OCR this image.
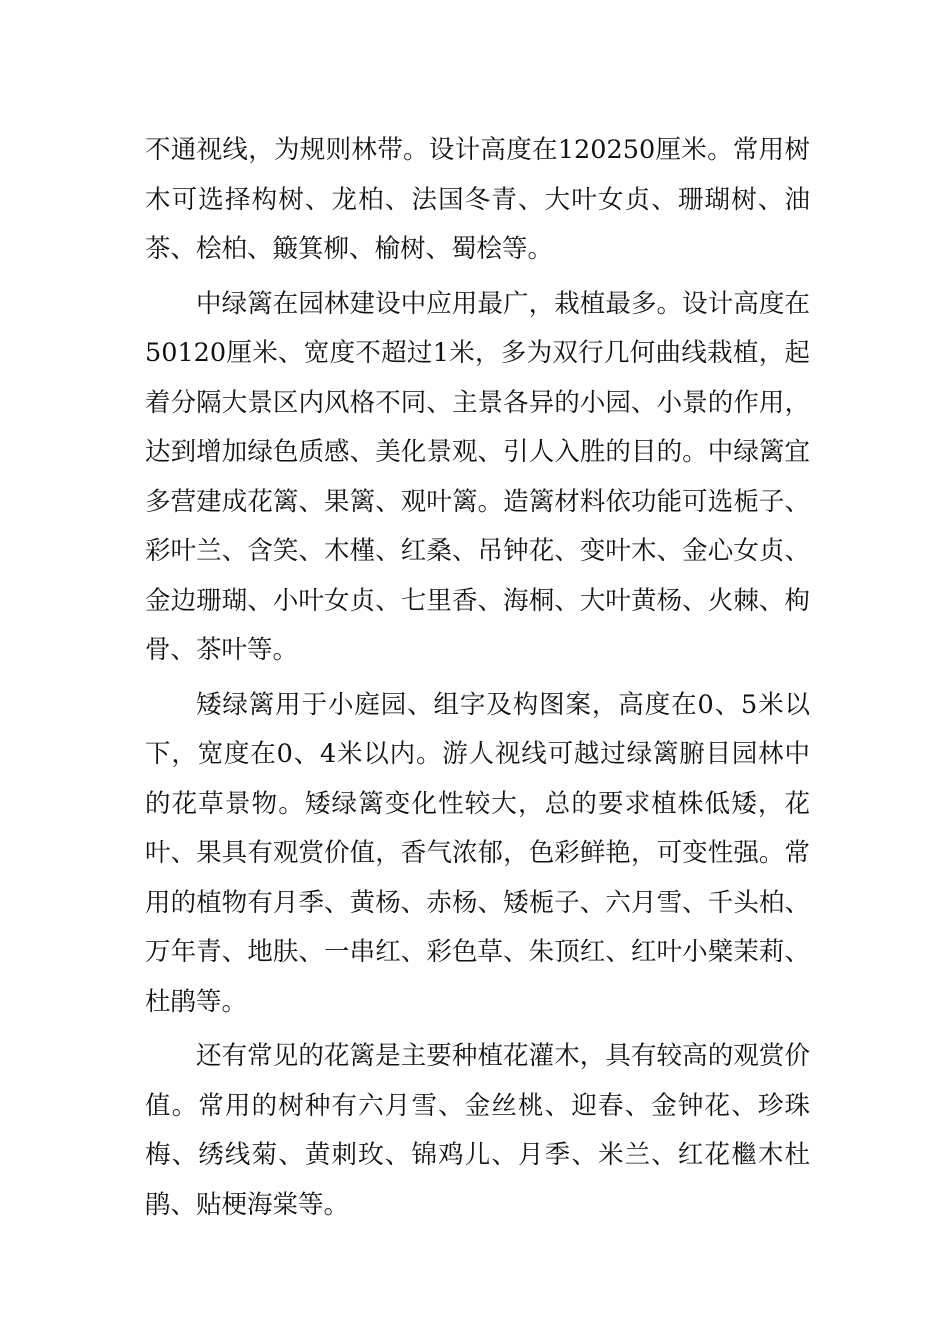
不通视线，为规则林带。设计高度在120250厘米。常用树木可选择构树、龙柏、法国冬青、大叶女贞、珊瑚树、油茶、桧柏、簸箕柳、榆树、蜀桧等。

中绿篱在园林建设中应用最广，栽植最多。设计高度在50120厘米、宽度不超过1米，多为双行几何曲线栽植，起着分隔大景区内风格不同、主景各异的小园、小景的作用，达到增加绿色质感、美化景观、引人入胜的目的。中绿篱宜多营建成花篱、果篱、观叶篱。造篱材料依功能可选栀子、彩叶兰、含笑、木槿、红桑、吊钟花、变叶木、金心女贞、金边珊瑚、小叶女贞、七里香、海桐、大叶黄杨、火棘、枸骨、茶叶等。

矮绿篱用于小庭园、组字及构图案，高度在0、5米以下，宽度在0、4米以内。游人视线可越过绿篱腑目园林中的花草景物。矮绿篱变化性较大，总的要求植株低矮，花叶、果具有观赏价值，香气浓郁，色彩鲜艳，可变性强。常用的植物有月季、黄杨、赤杨、矮栀子、六月雪、千头柏、万年青、地肤、一串红、彩色草、朱顶红、红叶小檗茉莉、杜鹃等。

还有常见的花篱是主要种植花灌木，具有较高的观赏价值。常用的树种有六月雪、金丝桃、迎春、金钟花、珍珠梅、绣线菊、黄刺玫、锦鸡儿、月季、米兰、红花檵木杜鹃、贴梗海棠等。
